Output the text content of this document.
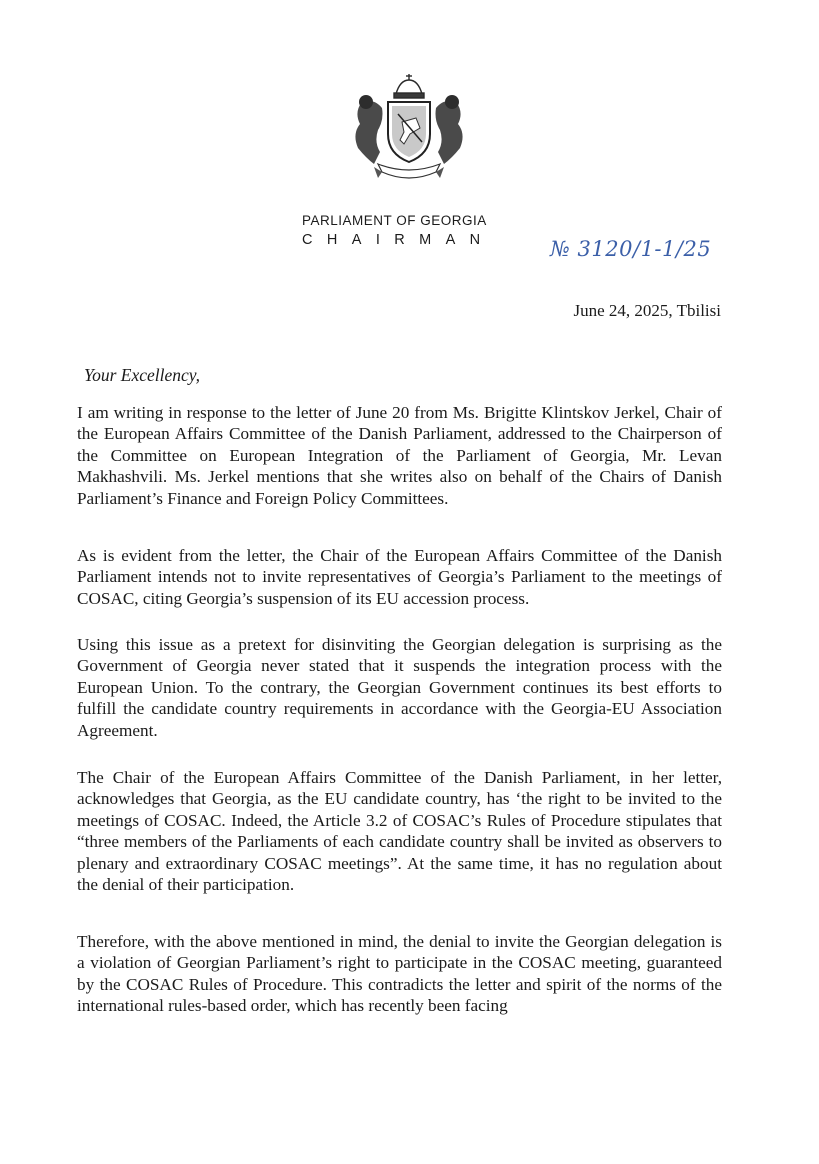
PARLIAMENT OF GEORGIA
CHAIRMAN	№ 3120/1-1/25
June 24, 2025, Tbilisi
Your Excellency,

I am writing in response to the letter of June 20 from Ms. Brigitte Klintskov Jerkel, Chair of the European Affairs Committee of the Danish Parliament, addressed to the Chairperson of the Committee on European Integration of the Parliament of Georgia, Mr. Levan Makhashvili. Ms. Jerkel mentions that she writes also on behalf of the Chairs of Danish Parliament’s Finance and Foreign Policy Committees.

As is evident from the letter, the Chair of the European Affairs Committee of the Danish Parliament intends not to invite representatives of Georgia’s Parliament to the meetings of COSAC, citing Georgia’s suspension of its EU accession process.

Using this issue as a pretext for disinviting the Georgian delegation is surprising as the Government of Georgia never stated that it suspends the integration process with the European Union. To the contrary, the Georgian Government continues its best efforts to fulfill the candidate country requirements in accordance with the Georgia-EU Association Agreement.

The Chair of the European Affairs Committee of the Danish Parliament, in her letter, acknowledges that Georgia, as the EU candidate country, has ‘the right to be invited to the meetings of COSAC. Indeed, the Article 3.2 of COSAC’s Rules of Procedure stipulates that “three members of the Parliaments of each candidate country shall be invited as observers to plenary and extraordinary COSAC meetings”. At the same time, it has no regulation about the denial of their participation.

Therefore, with the above mentioned in mind, the denial to invite the Georgian delegation is a violation of Georgian Parliament’s right to participate in the COSAC meeting, guaranteed by the COSAC Rules of Procedure. This contradicts the letter and spirit of the norms of the international rules-based order, which has recently been facing
